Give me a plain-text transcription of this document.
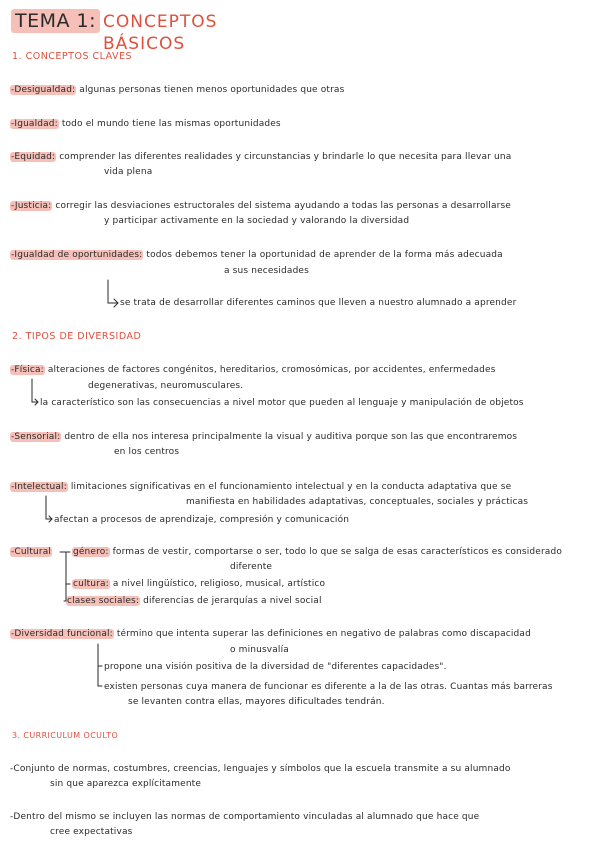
TEMA 1: CONCEPTOS BÁSICOS
1. CONCEPTOS CLAVES
-Desigualdad: algunas personas tienen menos oportunidades que otras
-Igualdad: todo el mundo tiene las mismas oportunidades
-Equidad: comprender las diferentes realidades y circunstancias y brindarle lo que necesita para llevar una
vida plena
-Justicia: corregir las desviaciones estructorales del sistema ayudando a todas las personas a desarrollarse
y participar activamente en la sociedad y valorando la diversidad
-Igualdad de oportunidades: todos debemos tener la oportunidad de aprender de la forma más adecuada
a sus necesidades
se trata de desarrollar diferentes caminos que lleven a nuestro alumnado a aprender
2. TIPOS DE DIVERSIDAD
-Física: alteraciones de factores congénitos, hereditarios, cromosómicas, por accidentes, enfermedades
degenerativas, neuromusculares.
la característico son las consecuencias a nivel motor que pueden al lenguaje y manipulación de objetos
-Sensorial: dentro de ella nos interesa principalmente la visual y auditiva porque son las que encontraremos
en los centros
-Intelectual: limitaciones significativas en el funcionamiento intelectual y en la conducta adaptativa que se
manifiesta en habilidades adaptativas, conceptuales, sociales y prácticas
afectan a procesos de aprendizaje, compresión y comunicación
-Cultural género: formas de vestir, comportarse o ser, todo lo que se salga de esas característicos es considerado
diferente
cultura: a nivel lingüístico, religioso, musical, artístico
clases sociales: diferencias de jerarquías a nivel social
-Diversidad funcional: término que intenta superar las definiciones en negativo de palabras como discapacidad
o minusvalía
propone una visión positiva de la diversidad de "diferentes capacidades".
existen personas cuya manera de funcionar es diferente a la de las otras. Cuantas más barreras
se levanten contra ellas, mayores dificultades tendrán.
3. CURRICULUM OCULTO
-Conjunto de normas, costumbres, creencias, lenguajes y símbolos que la escuela transmite a su alumnado
sin que aparezca explícitamente
-Dentro del mismo se incluyen las normas de comportamiento vinculadas al alumnado que hace que
cree expectativas
